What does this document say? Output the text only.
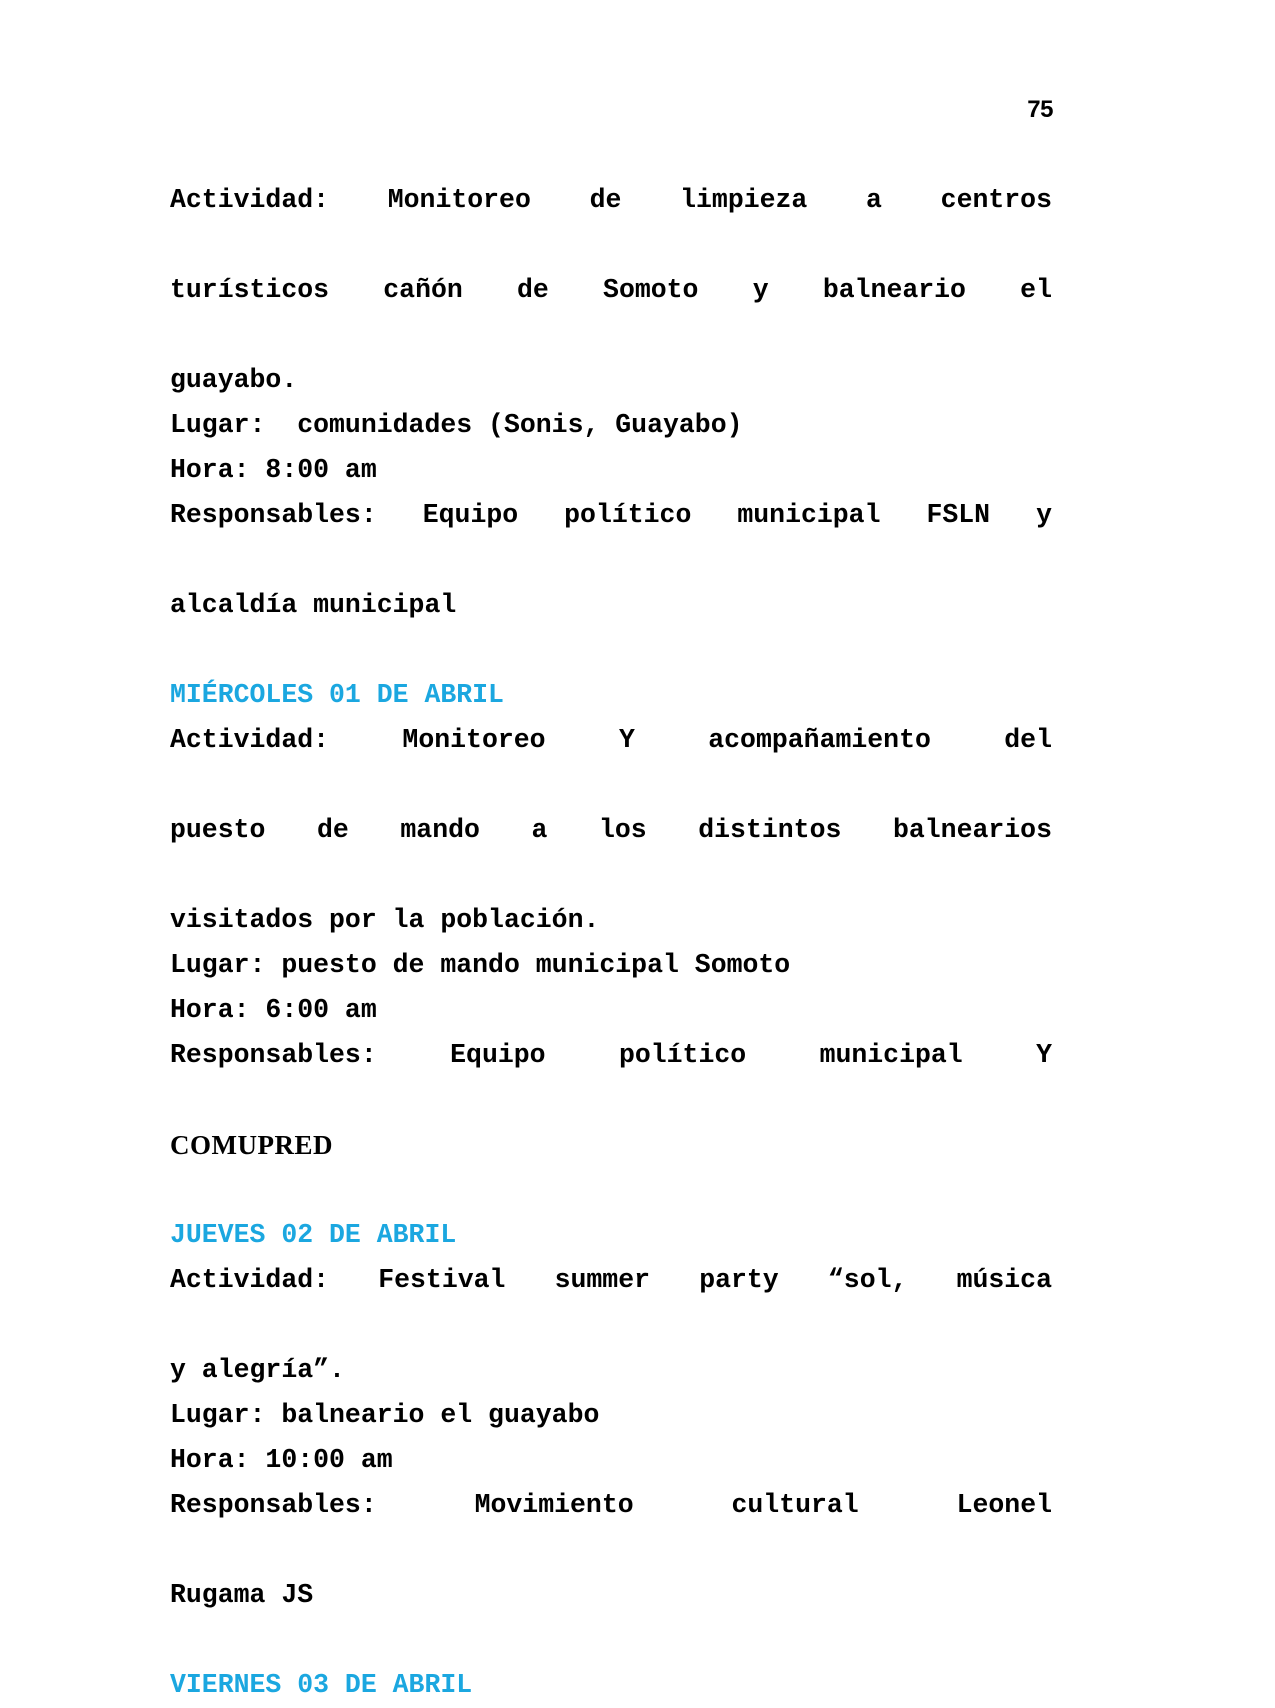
75
Actividad: Monitoreo de limpieza a centros
turísticos cañón de Somoto y balneario el
guayabo.
Lugar:  comunidades (Sonis, Guayabo)
Hora: 8:00 am
Responsables: Equipo político municipal FSLN y
alcaldía municipal
MIÉRCOLES 01 DE ABRIL
Actividad: Monitoreo Y acompañamiento del
puesto de mando a los distintos balnearios
visitados por la población.
Lugar: puesto de mando municipal Somoto
Hora: 6:00 am
Responsables: Equipo político municipal Y
COMUPRED
JUEVES 02 DE ABRIL
Actividad: Festival summer party “sol, música
y alegría”.
Lugar: balneario el guayabo
Hora: 10:00 am
Responsables: Movimiento cultural Leonel
Rugama JS
VIERNES 03 DE ABRIL
